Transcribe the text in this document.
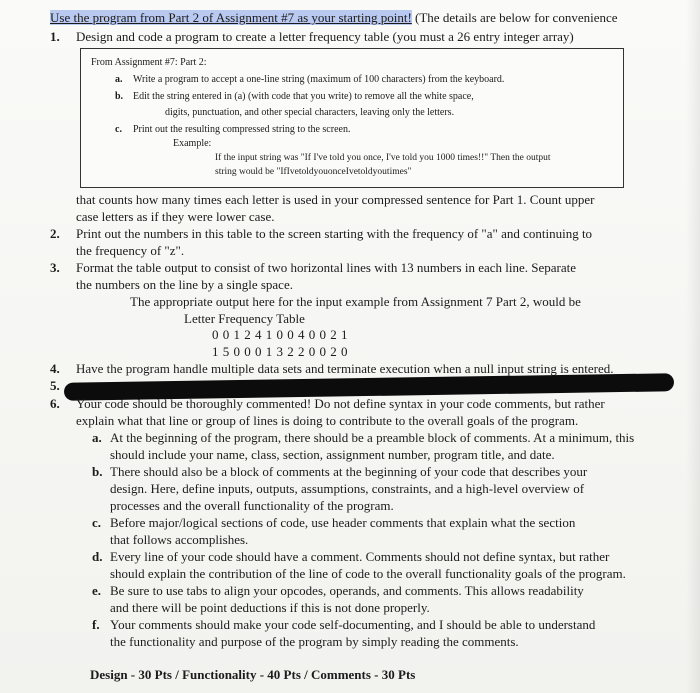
Use the program from Part 2 of Assignment #7 as your starting point! (The details are below for convenience
1. Design and code a program to create a letter frequency table (you must a 26 entry integer array)
From Assignment #7: Part 2:
a. Write a program to accept a one-line string (maximum of 100 characters) from the keyboard.
b. Edit the string entered in (a) (with code that you write) to remove all the white space,
digits, punctuation, and other special characters, leaving only the letters.
c. Print out the resulting compressed string to the screen.
Example:
If the input string was "If I've told you once, I've told you 1000 times!!" Then the output
string would be "IfIvetoldyouonceIvetoldyoutimes"
that counts how many times each letter is used in your compressed sentence for Part 1. Count upper
case letters as if they were lower case.
2. Print out the numbers in this table to the screen starting with the frequency of "a" and continuing to
the frequency of "z".
3. Format the table output to consist of two horizontal lines with 13 numbers in each line. Separate
the numbers on the line by a single space.
The appropriate output here for the input example from Assignment 7 Part 2, would be
Letter Frequency Table
0 0 1 2 4 1 0 0 4 0 0 2 1
1 5 0 0 0 1 3 2 2 0 0 2 0
4. Have the program handle multiple data sets and terminate execution when a null input string is entered.
5.
6. Your code should be thoroughly commented! Do not define syntax in your code comments, but rather
explain what that line or group of lines is doing to contribute to the overall goals of the program.
a. At the beginning of the program, there should be a preamble block of comments. At a minimum, this
should include your name, class, section, assignment number, program title, and date.
b. There should also be a block of comments at the beginning of your code that describes your
design. Here, define inputs, outputs, assumptions, constraints, and a high-level overview of
processes and the overall functionality of the program.
c. Before major/logical sections of code, use header comments that explain what the section
that follows accomplishes.
d. Every line of your code should have a comment. Comments should not define syntax, but rather
should explain the contribution of the line of code to the overall functionality goals of the program.
e. Be sure to use tabs to align your opcodes, operands, and comments. This allows readability
and there will be point deductions if this is not done properly.
f. Your comments should make your code self-documenting, and I should be able to understand
the functionality and purpose of the program by simply reading the comments.
Design - 30 Pts / Functionality - 40 Pts / Comments - 30 Pts
